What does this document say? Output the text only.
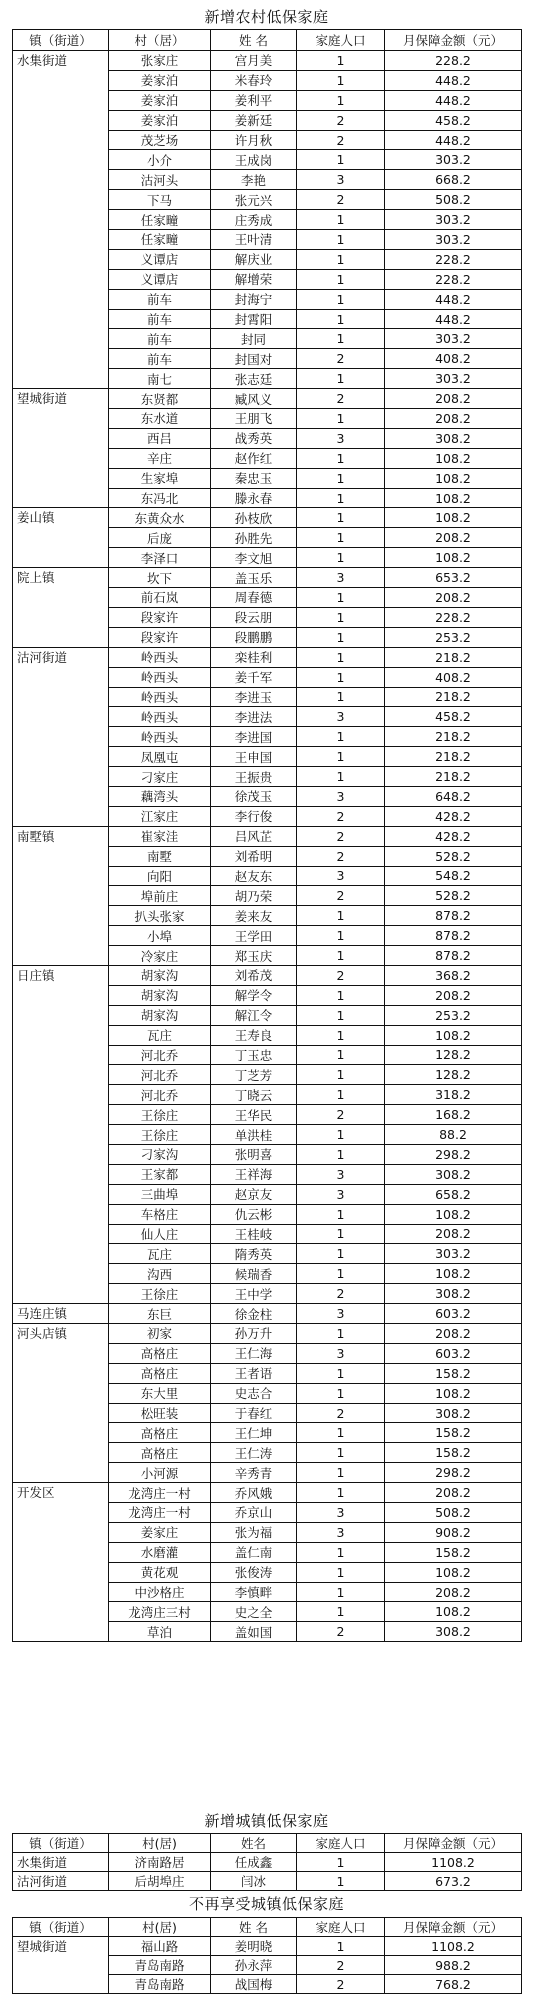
新增农村低保家庭
镇（街道）	村（居）	姓 名	家庭人口	月保障金额（元）
水集街道	张家庄	宫月美	1	228.2
	姜家泊	米春玲	1	448.2
	姜家泊	姜利平	1	448.2
	姜家泊	姜新廷	2	458.2
	茂芝场	许月秋	2	448.2
	小介	王成岗	1	303.2
	沽河头	李艳	3	668.2
	下马	张元兴	2	508.2
	任家疃	庄秀成	1	303.2
	任家疃	王叶清	1	303.2
	义谭店	解庆业	1	228.2
	义谭店	解增荣	1	228.2
	前车	封海宁	1	448.2
	前车	封霄阳	1	448.2
	前车	封同	1	303.2
	前车	封国对	2	408.2
	南七	张志廷	1	303.2
望城街道	东贤都	臧风义	2	208.2
	东水道	王朋飞	1	208.2
	西吕	战秀英	3	308.2
	辛庄	赵作红	1	108.2
	生家埠	秦忠玉	1	108.2
	东冯北	滕永春	1	108.2
姜山镇	东黄众水	孙枝欣	1	108.2
	后庞	孙胜先	1	208.2
	李泽口	李文旭	1	108.2
院上镇	坎下	盖玉乐	3	653.2
	前石岚	周春德	1	208.2
	段家许	段云朋	1	228.2
	段家许	段鹏鹏	1	253.2
沽河街道	岭西头	栾桂利	1	218.2
	岭西头	姜千军	1	408.2
	岭西头	李进玉	1	218.2
	岭西头	李进法	3	458.2
	岭西头	李进国	1	218.2
	凤凰屯	王申国	1	218.2
	刁家庄	王振贵	1	218.2
	藕湾头	徐茂玉	3	648.2
	江家庄	李行俊	2	428.2
南墅镇	崔家洼	吕风芷	2	428.2
	南墅	刘希明	2	528.2
	向阳	赵友东	3	548.2
	埠前庄	胡乃荣	2	528.2
	扒头张家	姜来友	1	878.2
	小埠	王学田	1	878.2
	冷家庄	郑玉庆	1	878.2
日庄镇	胡家沟	刘希茂	2	368.2
	胡家沟	解学令	1	208.2
	胡家沟	解江令	1	253.2
	瓦庄	王寿良	1	108.2
	河北乔	丁玉忠	1	128.2
	河北乔	丁芝芳	1	128.2
	河北乔	丁晓云	1	318.2
	王徐庄	王华民	2	168.2
	王徐庄	单洪桂	1	88.2
	刁家沟	张明喜	1	298.2
	王家都	王祥海	3	308.2
	三曲埠	赵京友	3	658.2
	车格庄	仇云彬	1	108.2
	仙人庄	王桂岐	1	208.2
	瓦庄	隋秀英	1	303.2
	沟西	候瑞香	1	108.2
	王徐庄	王中学	2	308.2
马连庄镇	东巨	徐金柱	3	603.2
河头店镇	初家	孙万升	1	208.2
	高格庄	王仁海	3	603.2
	高格庄	王者语	1	158.2
	东大里	史志合	1	108.2
	松旺装	于春红	2	308.2
	高格庄	王仁坤	1	158.2
	高格庄	王仁涛	1	158.2
	小河源	辛秀青	1	298.2
开发区	龙湾庄一村	乔风娥	1	208.2
	龙湾庄一村	乔京山	3	508.2
	姜家庄	张为福	3	908.2
	水磨灌	盖仁南	1	158.2
	黄花观	张俊涛	1	108.2
	中沙格庄	李慎畔	1	208.2
	龙湾庄三村	史之全	1	108.2
	草泊	盖如国	2	308.2
新增城镇低保家庭
镇（街道）	村(居)	姓名	家庭人口	月保障金额（元）
水集街道	济南路居	任成鑫	1	1108.2
沽河街道	后胡埠庄	闫冰	1	673.2
不再享受城镇低保家庭
镇（街道）	村(居)	姓 名	家庭人口	月保障金额（元）
望城街道	福山路	姜明晓	1	1108.2
	青岛南路	孙永萍	2	988.2
	青岛南路	战国梅	2	768.2
